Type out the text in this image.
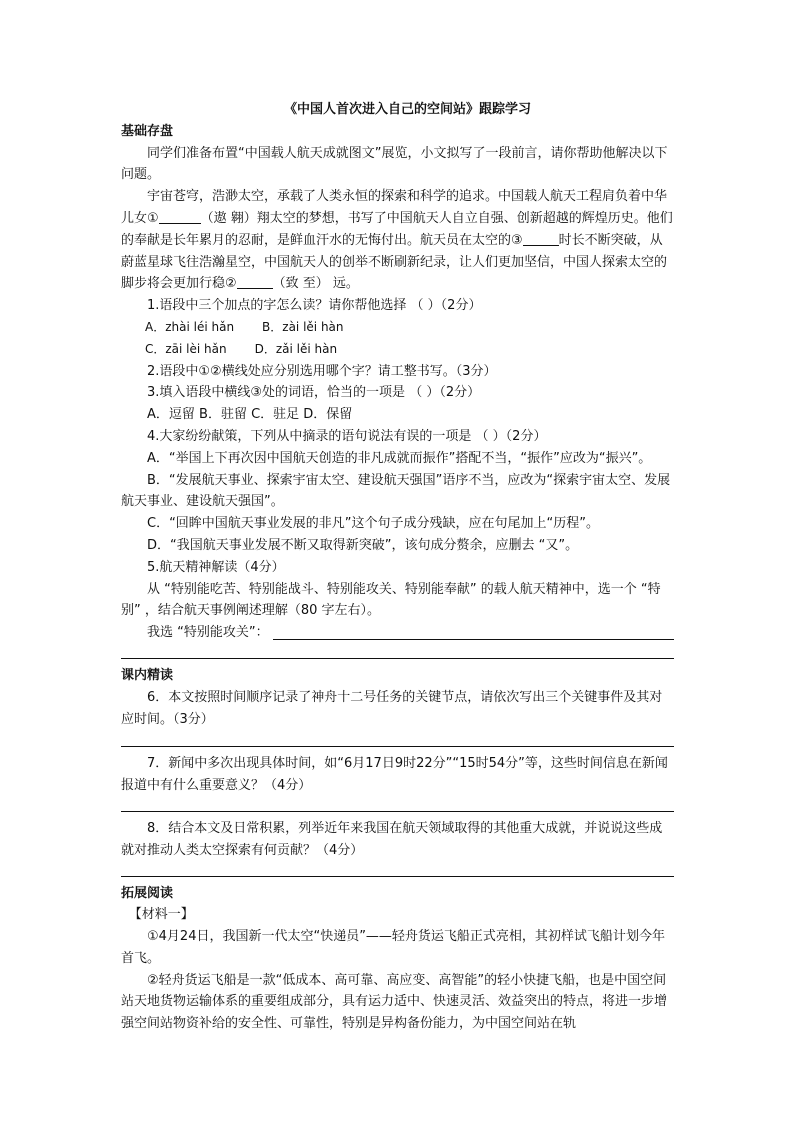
《中国人首次进入自己的空间站》跟踪学习

基础存盘

同学们准备布置“中国载人航天成就图文”展览，小文拟写了一段前言，请你帮助他解决以下问题。

宇宙苍穹，浩渺太空，承载了人类永恒的探索和科学的追求。中国载人航天工程肩负着中华儿女①	（遨 翱）翔太空的梦想，书写了中国航天人自立自强、创新超越的辉煌历史。他们的奉献是长年累月的忍耐，是鲜血汗水的无悔付出。航天员在太空的③	时长不断突破，从蔚蓝星球飞往浩瀚星空，中国航天人的创举不断刷新纪录，让人们更加坚信，中国人探索太空的脚步将会更加行稳②	（致 至） 远。

1.语段中三个加点的字怎么读？请你帮他选择 （ ）（2分）

A．zhài léi hǎn B．zài lěi hàn

C．zāi lèi hǎn D．zǎi lěi hàn

2.语段中①②横线处应分别选用哪个字？请工整书写。（3分）

3.填入语段中横线③处的词语，恰当的一项是 （ ）（2分）

A．逗留 B．驻留 C．驻足 D．保留

4.大家纷纷献策，下列从中摘录的语句说法有误的一项是 （ ）（2分）

A．“举国上下再次因中国航天创造的非凡成就而振作”搭配不当，“振作”应改为“振兴”。

B．“发展航天事业、探索宇宙太空、建设航天强国”语序不当，应改为“探索宇宙太空、发展航天事业、建设航天强国”。

C．“回眸中国航天事业发展的非凡”这个句子成分残缺，应在句尾加上“历程”。

D．“我国航天事业发展不断又取得新突破”，该句成分赘余，应删去 “又”。

5.航天精神解读（4分）

从 “特别能吃苦、特别能战斗、特别能攻关、特别能奉献” 的载人航天精神中，选一个 “特别” ，结合航天事例阐述理解（80 字左右）。

我选 “特别能攻关”：

课内精读

6．本文按照时间顺序记录了神舟十二号任务的关键节点，请依次写出三个关键事件及其对应时间。（3分）

7．新闻中多次出现具体时间，如“6月17日9时22分”“15时54分”等，这些时间信息在新闻报道中有什么重要意义？（4分）

8．结合本文及日常积累，列举近年来我国在航天领域取得的其他重大成就，并说说这些成就对推动人类太空探索有何贡献？（4分）

拓展阅读

【材料一】

①4月24日，我国新一代太空“快递员”——轻舟货运飞船正式亮相，其初样试飞船计划今年首飞。

②轻舟货运飞船是一款“低成本、高可靠、高应变、高智能”的轻小快捷飞船，也是中国空间站天地货物运输体系的重要组成部分，具有运力适中、快速灵活、效益突出的特点，将进一步增强空间站物资补给的安全性、可靠性，特别是异构备份能力，为中国空间站在轨
